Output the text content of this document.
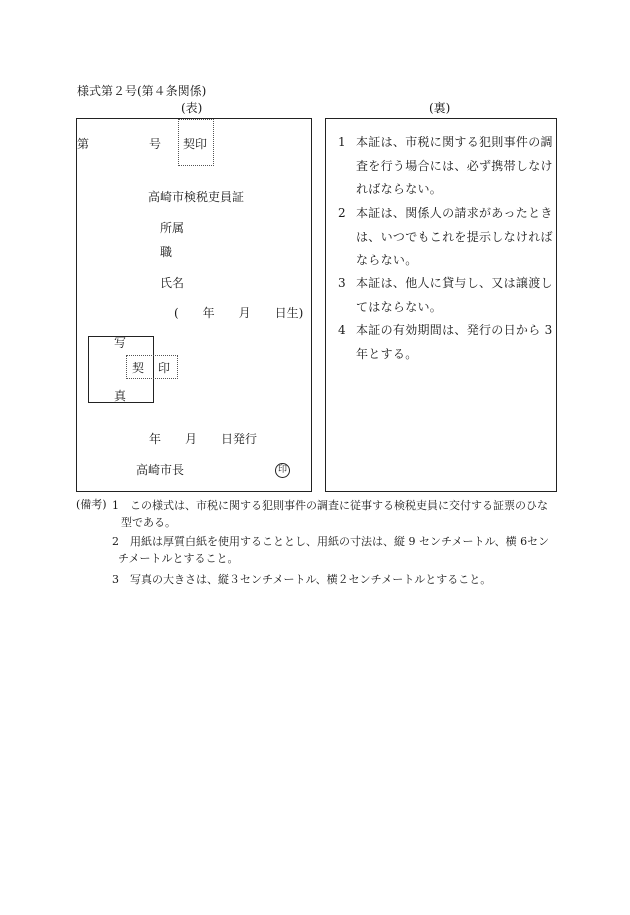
様式第２号(第４条関係)
(表)	(裏)
第	号 契印
高崎市検税吏員証
所属
職
氏名
(　　年　　月　　日生)
写
真
契 印
年　　月　　日発行
高崎市長	印
1 本証は、市税に関する犯則事件の調査を行う場合には、必ず携帯しなければならない。
2 本証は、関係人の請求があったときは、いつでもこれを提示しなければならない。
3 本証は、他人に貸与し、又は譲渡してはならない。
4 本証の有効期間は、発行の日から 3年とする。
(備考) 1	この様式は、市税に関する犯則事件の調査に従事する検税吏員に交付する証票のひな型である。
2	用紙は厚質白紙を使用することとし、用紙の寸法は、縦 9 センチメートル、横 6センチメートルとすること。
3 写真の大きさは、縦３センチメートル、横２センチメートルとすること。
